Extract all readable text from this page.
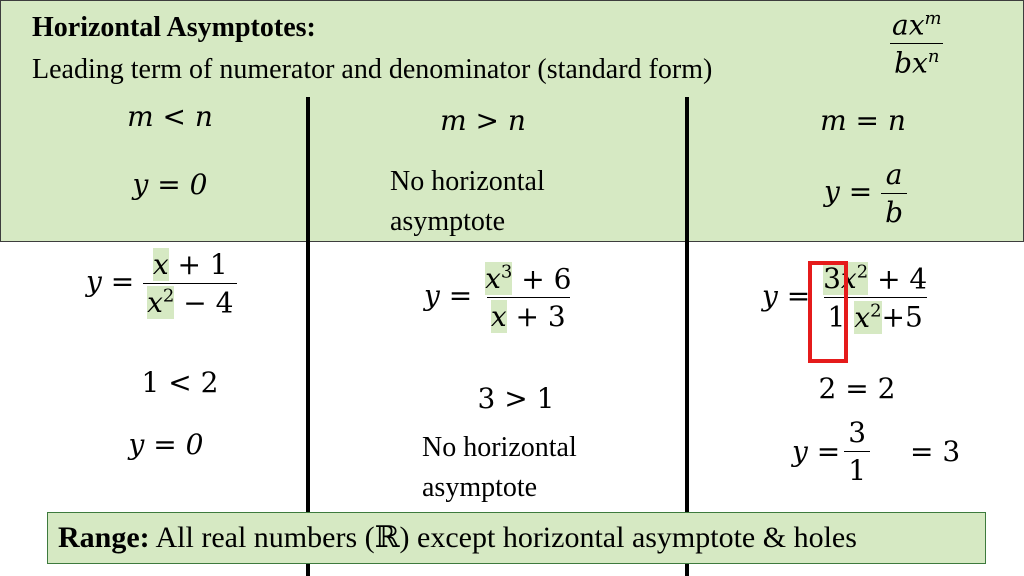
Horizontal Asymptotes:
Leading term of numerator and denominator (standard form)	$\frac{ax^m}{bx^n}$
m < n
y = 0
$y = \frac{x + 1}{x^2 - 4}$
1 < 2
y = 0
m > n
No horizontal
asymptote
$y = \frac{x^3 + 6}{x + 3}$
3 > 1
No horizontal
asymptote
m = n
$y = \frac{a}{b}$
$y = \frac{3x^2 + 4}{1 x^2+5}$
2 = 2
$y = \frac{3}{1} = 3$
Range: All real numbers (ℝ) except horizontal asymptote & holes
